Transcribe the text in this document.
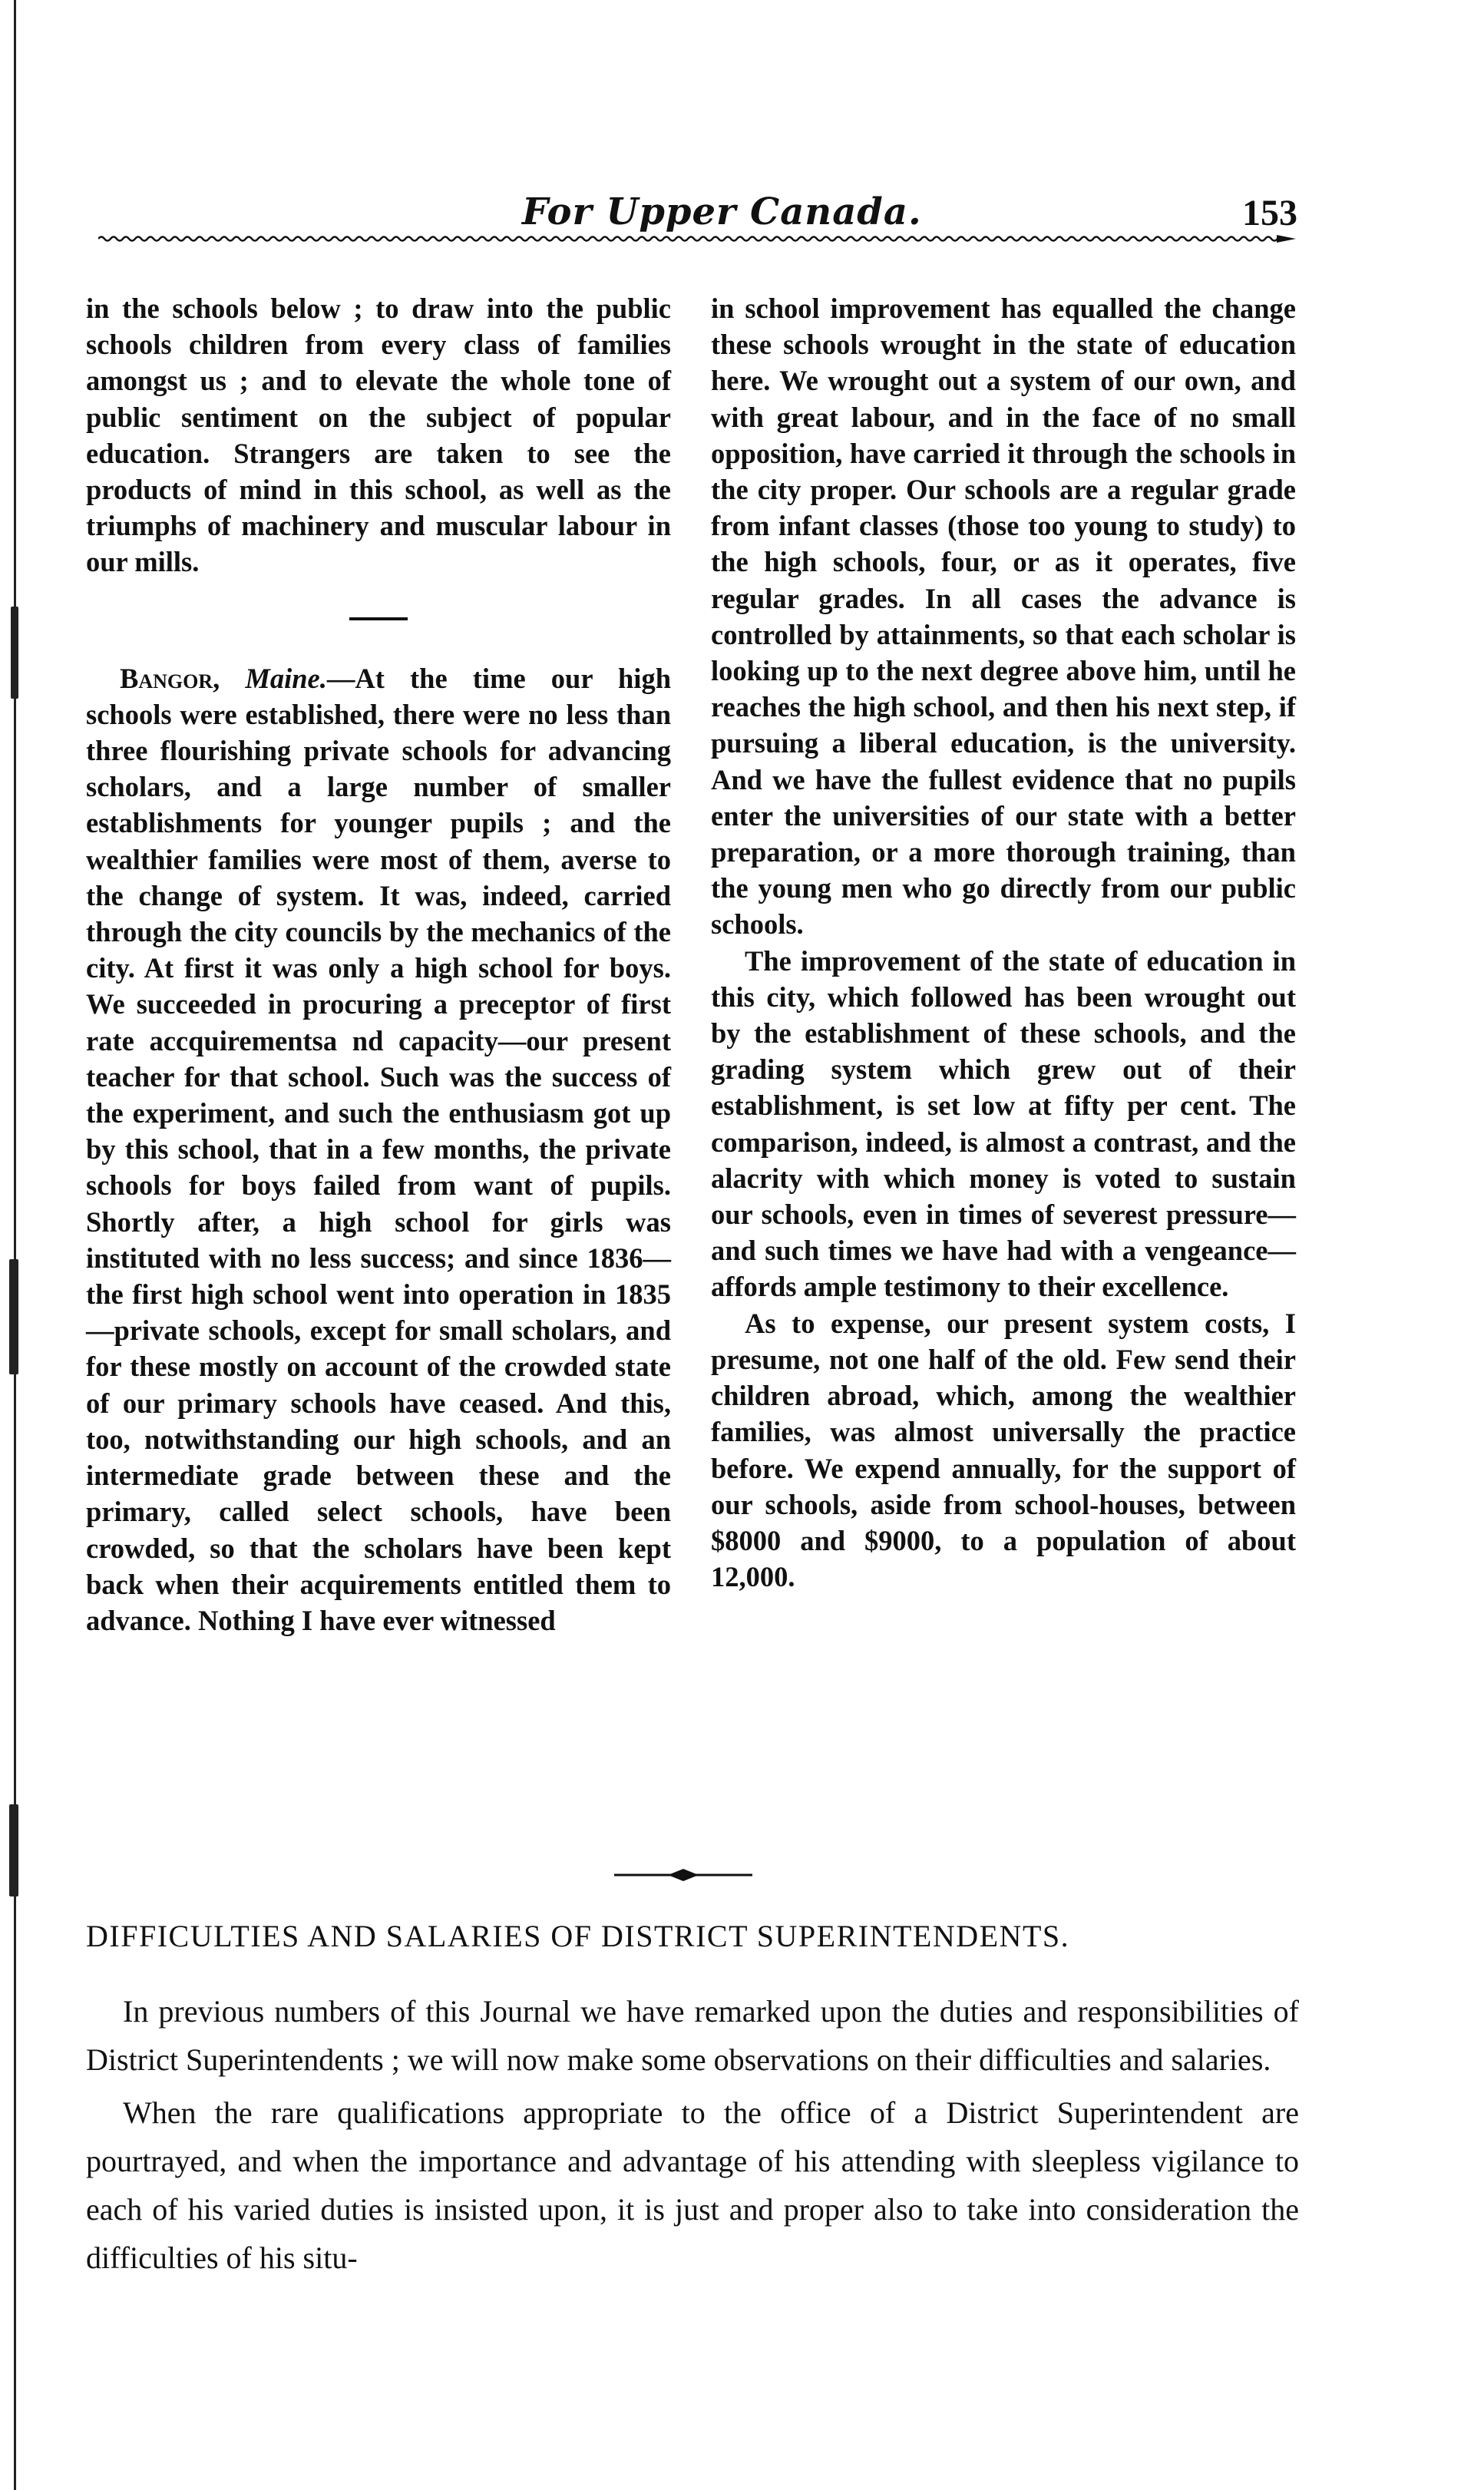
For Upper Canada.	153

in the schools below ; to draw into the public schools children from every class of families amongst us ; and to elevate the whole tone of public sentiment on the subject of popular education. Strangers are taken to see the products of mind in this school, as well as the triumphs of machinery and muscular labour in our mills.

Bangor, Maine.—At the time our high schools were established, there were no less than three flourishing private schools for advancing scholars, and a large number of smaller establishments for younger pupils ; and the wealthier families were most of them, averse to the change of system. It was, indeed, carried through the city councils by the mechanics of the city. At first it was only a high school for boys. We succeeded in procuring a preceptor of first rate accquirementsa nd capacity—our present teacher for that school. Such was the success of the experiment, and such the enthusiasm got up by this school, that in a few months, the private schools for boys failed from want of pupils. Shortly after, a high school for girls was instituted with no less success; and since 1836—the first high school went into operation in 1835—private schools, except for small scholars, and for these mostly on account of the crowded state of our primary schools have ceased. And this, too, notwithstanding our high schools, and an intermediate grade between these and the primary, called select schools, have been crowded, so that the scholars have been kept back when their acquirements entitled them to advance. Nothing I have ever witnessed

in school improvement has equalled the change these schools wrought in the state of education here. We wrought out a system of our own, and with great labour, and in the face of no small opposition, have carried it through the schools in the city proper. Our schools are a regular grade from infant classes (those too young to study) to the high schools, four, or as it operates, five regular grades. In all cases the advance is controlled by attainments, so that each scholar is looking up to the next degree above him, until he reaches the high school, and then his next step, if pursuing a liberal education, is the university. And we have the fullest evidence that no pupils enter the universities of our state with a better preparation, or a more thorough training, than the young men who go directly from our public schools.

The improvement of the state of education in this city, which followed has been wrought out by the establishment of these schools, and the grading system which grew out of their establishment, is set low at fifty per cent. The comparison, indeed, is almost a contrast, and the alacrity with which money is voted to sustain our schools, even in times of severest pressure—and such times we have had with a vengeance—affords ample testimony to their excellence.

As to expense, our present system costs, I presume, not one half of the old. Few send their children abroad, which, among the wealthier families, was almost universally the practice before. We expend annually, for the support of our schools, aside from school-houses, between $8000 and $9000, to a population of about 12,000.

DIFFICULTIES AND SALARIES OF DISTRICT SUPERINTENDENTS.

In previous numbers of this Journal we have remarked upon the duties and responsibilities of District Superintendents ; we will now make some observations on their difficulties and salaries.

When the rare qualifications appropriate to the office of a District Superintendent are pourtrayed, and when the importance and advantage of his attending with sleepless vigilance to each of his varied duties is insisted upon, it is just and proper also to take into consideration the difficulties of his situ-
